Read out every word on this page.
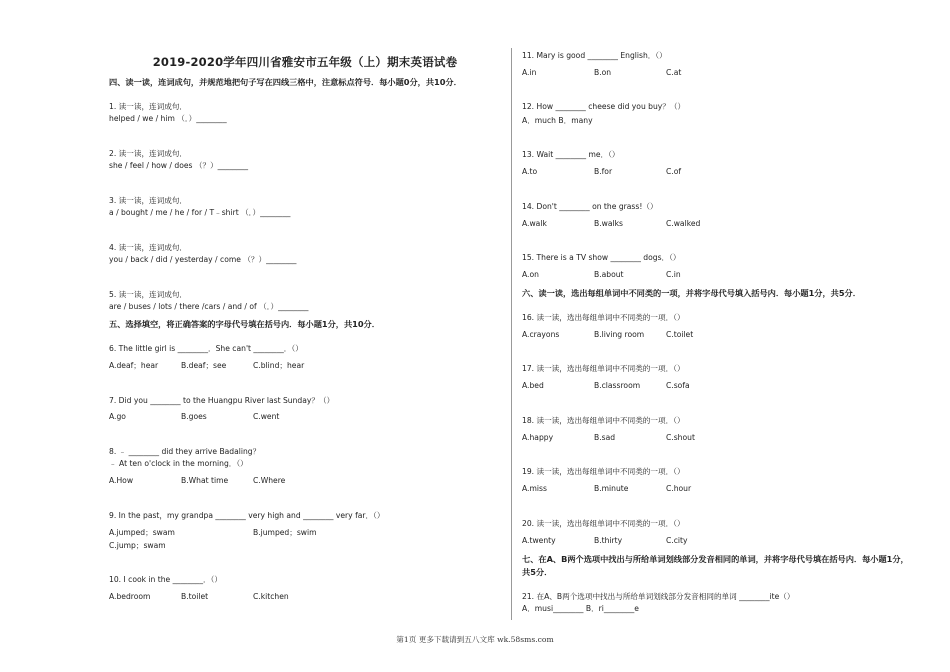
2019-2020学年四川省雅安市五年级（上）期末英语试卷
四、读一读，连词成句，并规范地把句子写在四线三格中，注意标点符号．每小题0分，共10分．
1. 读一读，连词成句．
helped / we / him （．）________
2. 读一读，连词成句．
she / feel / how / does （？）________
3. 读一读，连词成句．
a / bought / me / he / for / T﹣shirt （．）________
4. 读一读，连词成句．
you / back / did / yesterday / come （？）________
5. 读一读，连词成句．
are / buses / lots / there /cars / and / of （．）________
五、选择填空，将正确答案的字母代号填在括号内．每小题1分，共10分．
6. The little girl is ________．She can't ________．（）
A.deaf；hear	B.deaf；see	C.blind；hear
7. Did you ________ to the Huangpu River last Sunday？（）
A.go	B.goes	C.went
8. ﹣ ________ did they arrive Badaling？
﹣ At ten o'clock in the morning．（）
A.How	B.What time	C.Where
9. In the past，my grandpa ________ very high and ________ very far．（）
A.jumped；swam	B.jumped；swim
C.jump；swam
10. I cook in the ________．（）
A.bedroom	B.toilet	C.kitchen
11. Mary is good ________ English．（）
A.in	B.on	C.at
12. How ________ cheese did you buy？（）
A．much B．many
13. Wait ________ me．（）
A.to	B.for	C.of
14. Don't ________ on the grass!（）
A.walk	B.walks	C.walked
15. There is a TV show ________ dogs．（）
A.on	B.about	C.in
六、读一读，选出每组单词中不同类的一项，并将字母代号填入括号内．每小题1分，共5分．
16. 读一读，选出每组单词中不同类的一项．（）
A.crayons	B.living room	C.toilet
17. 读一读，选出每组单词中不同类的一项．（）
A.bed	B.classroom	C.sofa
18. 读一读，选出每组单词中不同类的一项．（）
A.happy	B.sad	C.shout
19. 读一读，选出每组单词中不同类的一项．（）
A.miss	B.minute	C.hour
20. 读一读，选出每组单词中不同类的一项．（）
A.twenty	B.thirty	C.city
七、在A、B两个选项中找出与所给单词划线部分发音相同的单词，并将字母代号填在括号内．每小题1分，
共5分．
21. 在A、B两个选项中找出与所给单词划线部分发音相同的单词 ________ite（）
A．musi________ B．ri________e
第1页 更多下载请到五八文库 wk.58sms.com
